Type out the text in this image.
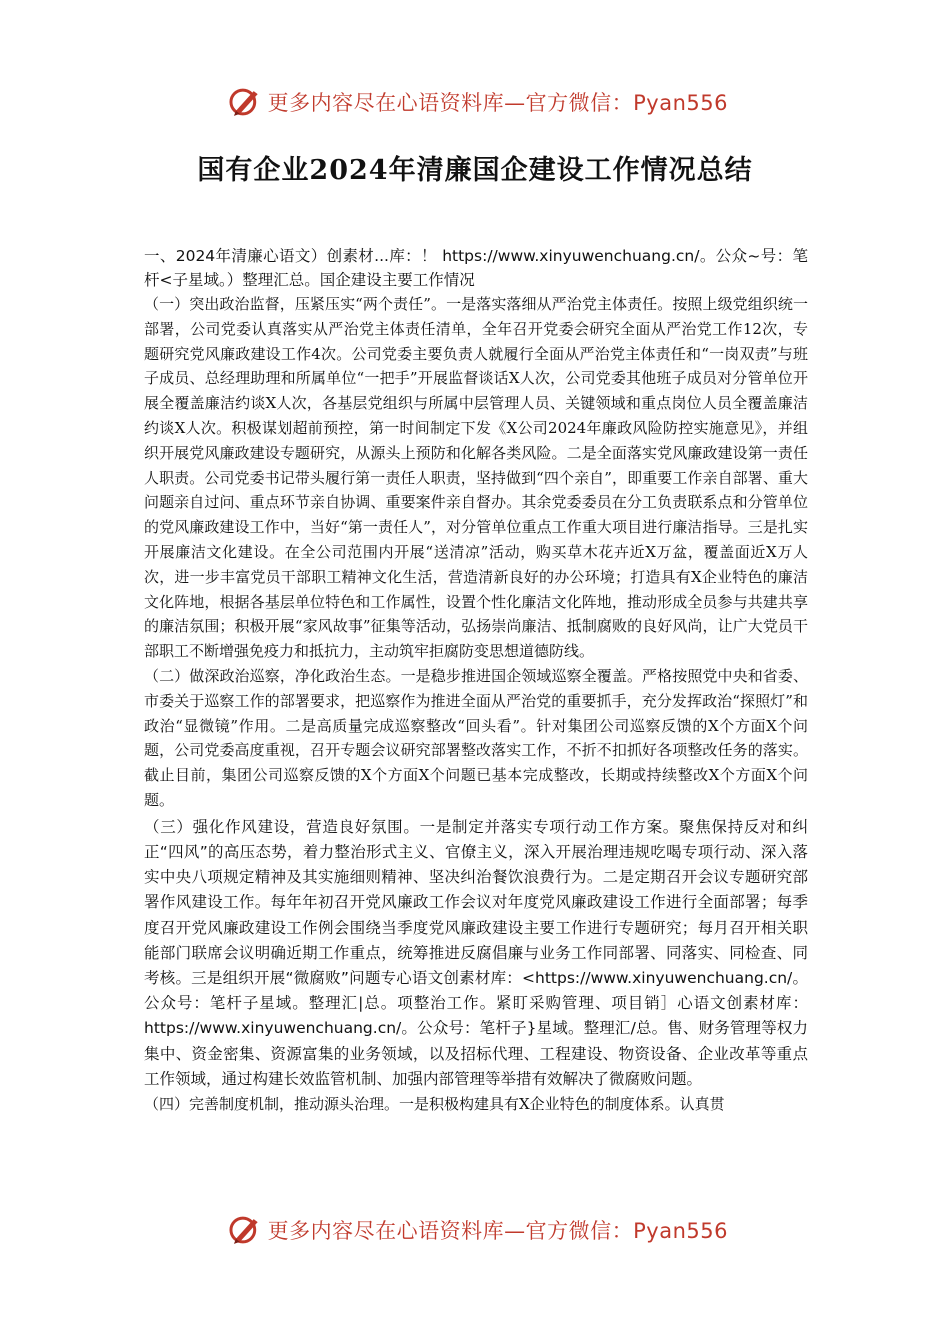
更多内容尽在心语资料库—官方微信：Pyan556
国有企业2024年清廉国企建设工作情况总结

一、2024年清廉心语文）创素材...库：！ https://www.xinyuwenchuang.cn/。公众~号：笔杆<子星域。）整理汇总。国企建设主要工作情况

（一）突出政治监督，压紧压实“两个责任”。一是落实落细从严治党主体责任。按照上级党组织统一部署，公司党委认真落实从严治党主体责任清单，全年召开党委会研究全面从严治党工作12次，专题研究党风廉政建设工作4次。公司党委主要负责人就履行全面从严治党主体责任和“一岗双责”与班子成员、总经理助理和所属单位“一把手”开展监督谈话X人次，公司党委其他班子成员对分管单位开展全覆盖廉洁约谈X人次，各基层党组织与所属中层管理人员、关键领域和重点岗位人员全覆盖廉洁约谈X人次。积极谋划超前预控，第一时间制定下发《X公司2024年廉政风险防控实施意见》，并组织开展党风廉政建设专题研究，从源头上预防和化解各类风险。二是全面落实党风廉政建设第一责任人职责。公司党委书记带头履行第一责任人职责，坚持做到“四个亲自”，即重要工作亲自部署、重大问题亲自过问、重点环节亲自协调、重要案件亲自督办。其余党委委员在分工负责联系点和分管单位的党风廉政建设工作中，当好“第一责任人”，对分管单位重点工作重大项目进行廉洁指导。三是扎实开展廉洁文化建设。在全公司范围内开展“送清凉”活动，购买草木花卉近X万盆，覆盖面近X万人次，进一步丰富党员干部职工精神文化生活，营造清新良好的办公环境；打造具有X企业特色的廉洁文化阵地，根据各基层单位特色和工作属性，设置个性化廉洁文化阵地，推动形成全员参与共建共享的廉洁氛围；积极开展“家风故事”征集等活动，弘扬崇尚廉洁、抵制腐败的良好风尚，让广大党员干部职工不断增强免疫力和抵抗力，主动筑牢拒腐防变思想道德防线。

（二）做深政治巡察，净化政治生态。一是稳步推进国企领域巡察全覆盖。严格按照党中央和省委、市委关于巡察工作的部署要求，把巡察作为推进全面从严治党的重要抓手，充分发挥政治“探照灯”和政治“显微镜”作用。二是高质量完成巡察整改“回头看”。针对集团公司巡察反馈的X个方面X个问题，公司党委高度重视，召开专题会议研究部署整改落实工作，不折不扣抓好各项整改任务的落实。截止目前，集团公司巡察反馈的X个方面X个问题已基本完成整改，长期或持续整改X个方面X个问题。

（三）强化作风建设，营造良好氛围。一是制定并落实专项行动工作方案。聚焦保持反对和纠正“四风”的高压态势，着力整治形式主义、官僚主义，深入开展治理违规吃喝专项行动、深入落实中央八项规定精神及其实施细则精神、坚决纠治餐饮浪费行为。二是定期召开会议专题研究部署作风建设工作。每年年初召开党风廉政工作会议对年度党风廉政建设工作进行全面部署；每季度召开党风廉政建设工作例会围绕当季度党风廉政建设主要工作进行专题研究；每月召开相关职能部门联席会议明确近期工作重点，统筹推进反腐倡廉与业务工作同部署、同落实、同检查、同考核。三是组织开展“微腐败”问题专心语文创素材库：<https://www.xinyuwenchuang.cn/。公众号：笔杆子星域。整理汇|总。项整治工作。紧盯采购管理、项目销］心语文创素材库：https://www.xinyuwenchuang.cn/。公众号：笔杆子}星域。整理汇/总。售、财务管理等权力集中、资金密集、资源富集的业务领域，以及招标代理、工程建设、物资设备、企业改革等重点工作领域，通过构建长效监管机制、加强内部管理等举措有效解决了微腐败问题。

（四）完善制度机制，推动源头治理。一是积极构建具有X企业特色的制度体系。认真贯

更多内容尽在心语资料库—官方微信：Pyan556
